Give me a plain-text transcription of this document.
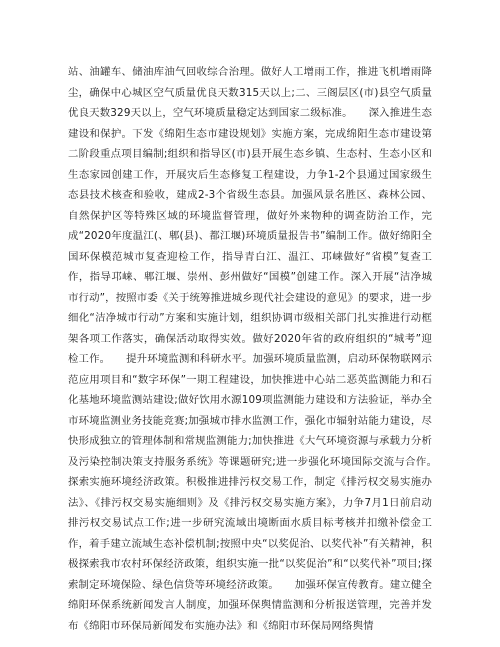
站、油罐车、储油库油气回收综合治理。做好人工增雨工作，推进飞机增雨降尘，确保中心城区空气质量优良天数315天以上;二、三阁层区(市)县空气质量优良天数329天以上，空气环境质量稳定达到国家二级标准。　　深入推进生态建设和保护。下发《绵阳生态市建设规划》实施方案，完成绵阳生态市建设第二阶段重点项目编制;组织和指导区(市)县开展生态乡镇、生态村、生态小区和生态家园创建工作，开展灾后生态修复工程建设，力争1-2个县通过国家级生态县技术核查和验收，建成2-3个省级生态县。加强风景名胜区、森林公园、自然保护区等特殊区域的环境监督管理，做好外来物种的调查防治工作，完成“2020年度温江(、郫(县)、都江堰)环境质量报告书”编制工作。做好绵阳全国环保模范城市复查迎检工作，指导青白江、温江、邛崃做好“省模”复查工作，指导邛崃、郫江堰、崇州、彭州做好“国模”创建工作。深入开展“洁净城市行动”，按照市委《关于统筹推进城乡现代社会建设的意见》的要求，进一步细化“洁净城市行动”方案和实施计划，组织协调市级相关部门扎实推进行动框架各项工作落实，确保活动取得实效。做好2020年省的政府组织的“城考”迎检工作。　　提升环境监测和科研水平。加强环境质量监测，启动环保物联网示范应用项目和“数字环保”一期工程建设，加快推进中心站二恶英监测能力和石化基地环境监测站建设;做好饮用水源109项监测能力建设和方法验证，举办全市环境监测业务技能竞赛;加强城市排水监测工作，强化市辐射站能力建设，尽快形成独立的管理体制和常规监测能力;加快推进《大气环境资源与承载力分析及污染控制决策支持服务系统》等课题研究;进一步强化环境国际交流与合作。　　探索实施环境经济政策。积极推进排污权交易工作，制定《排污权交易实施办法》、《排污权交易实施细则》及《排污权交易实施方案》，力争7月1日前启动排污权交易试点工作;进一步研究流域出境断面水质目标考核并扣缴补偿金工作，着手建立流域生态补偿机制;按照中央“以奖促治、以奖代补”有关精神，积极探索我市农村环保经济政策，组织实施一批“以奖促治”和“以奖代补”项目;探索制定环境保险、绿色信贷等环境经济政策。　　加强环保宣传教育。建立健全绵阳环保系统新闻发言人制度，加强环保舆情监测和分析报送管理，完善并发布《绵阳市环保局新闻发布实施办法》和《绵阳市环保局网络舆情
